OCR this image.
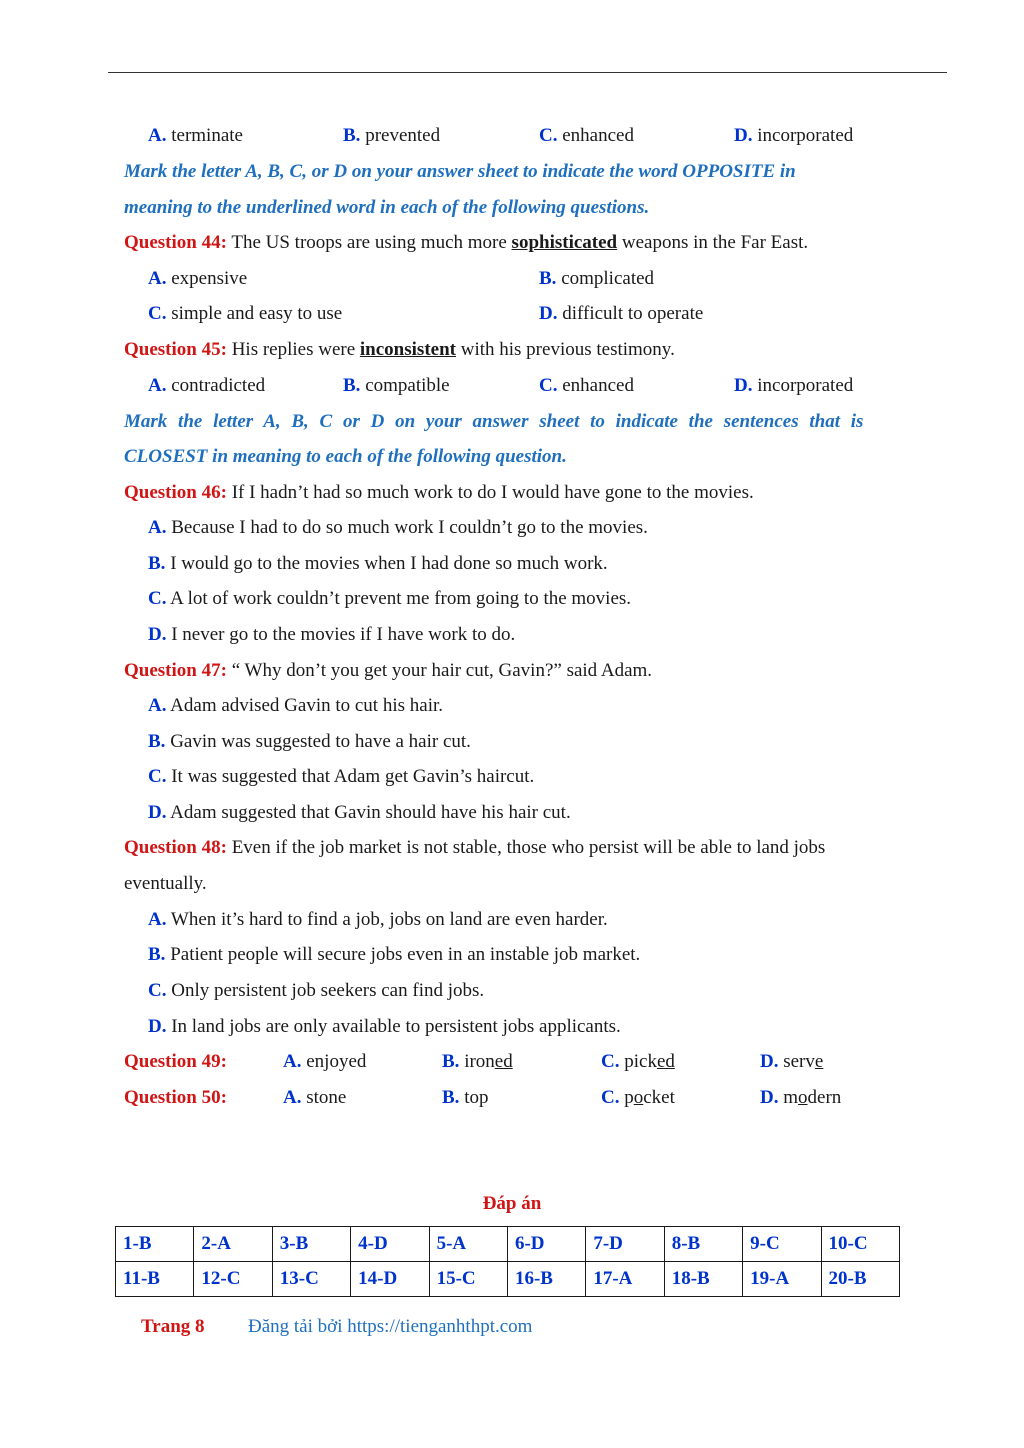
A. terminate	B. prevented	C. enhanced	D. incorporated
Mark the letter A, B, C, or D on your answer sheet to indicate the word OPPOSITE in
meaning to the underlined word in each of the following questions.
Question 44: The US troops are using much more sophisticated weapons in the Far East.
A. expensive	B. complicated
C. simple and easy to use	D. difficult to operate
Question 45: His replies were inconsistent with his previous testimony.
A. contradicted	B. compatible	C. enhanced	D. incorporated
Mark the letter A, B, C or D on your answer sheet to indicate the sentences that is
CLOSEST in meaning to each of the following question.
Question 46: If I hadn’t had so much work to do I would have gone to the movies.
A. Because I had to do so much work I couldn’t go to the movies.
B. I would go to the movies when I had done so much work.
C. A lot of work couldn’t prevent me from going to the movies.
D. I never go to the movies if I have work to do.
Question 47: “ Why don’t you get your hair cut, Gavin?” said Adam.
A. Adam advised Gavin to cut his hair.
B. Gavin was suggested to have a hair cut.
C. It was suggested that Adam get Gavin’s haircut.
D. Adam suggested that Gavin should have his hair cut.
Question 48: Even if the job market is not stable, those who persist will be able to land jobs
eventually.
A. When it’s hard to find a job, jobs on land are even harder.
B. Patient people will secure jobs even in an instable job market.
C. Only persistent job seekers can find jobs.
D. In land jobs are only available to persistent jobs applicants.
Question 49:	A. enjoyed	B. ironed	C. picked	D. serve
Question 50:	A. stone	B. top	C. pocket	D. modern
Đáp án
1-B	2-A	3-B	4-D	5-A	6-D	7-D	8-B	9-C	10-C
11-B	12-C	13-C	14-D	15-C	16-B	17-A	18-B	19-A	20-B
Trang 8 Đăng tải bởi https://tienganhthpt.com
